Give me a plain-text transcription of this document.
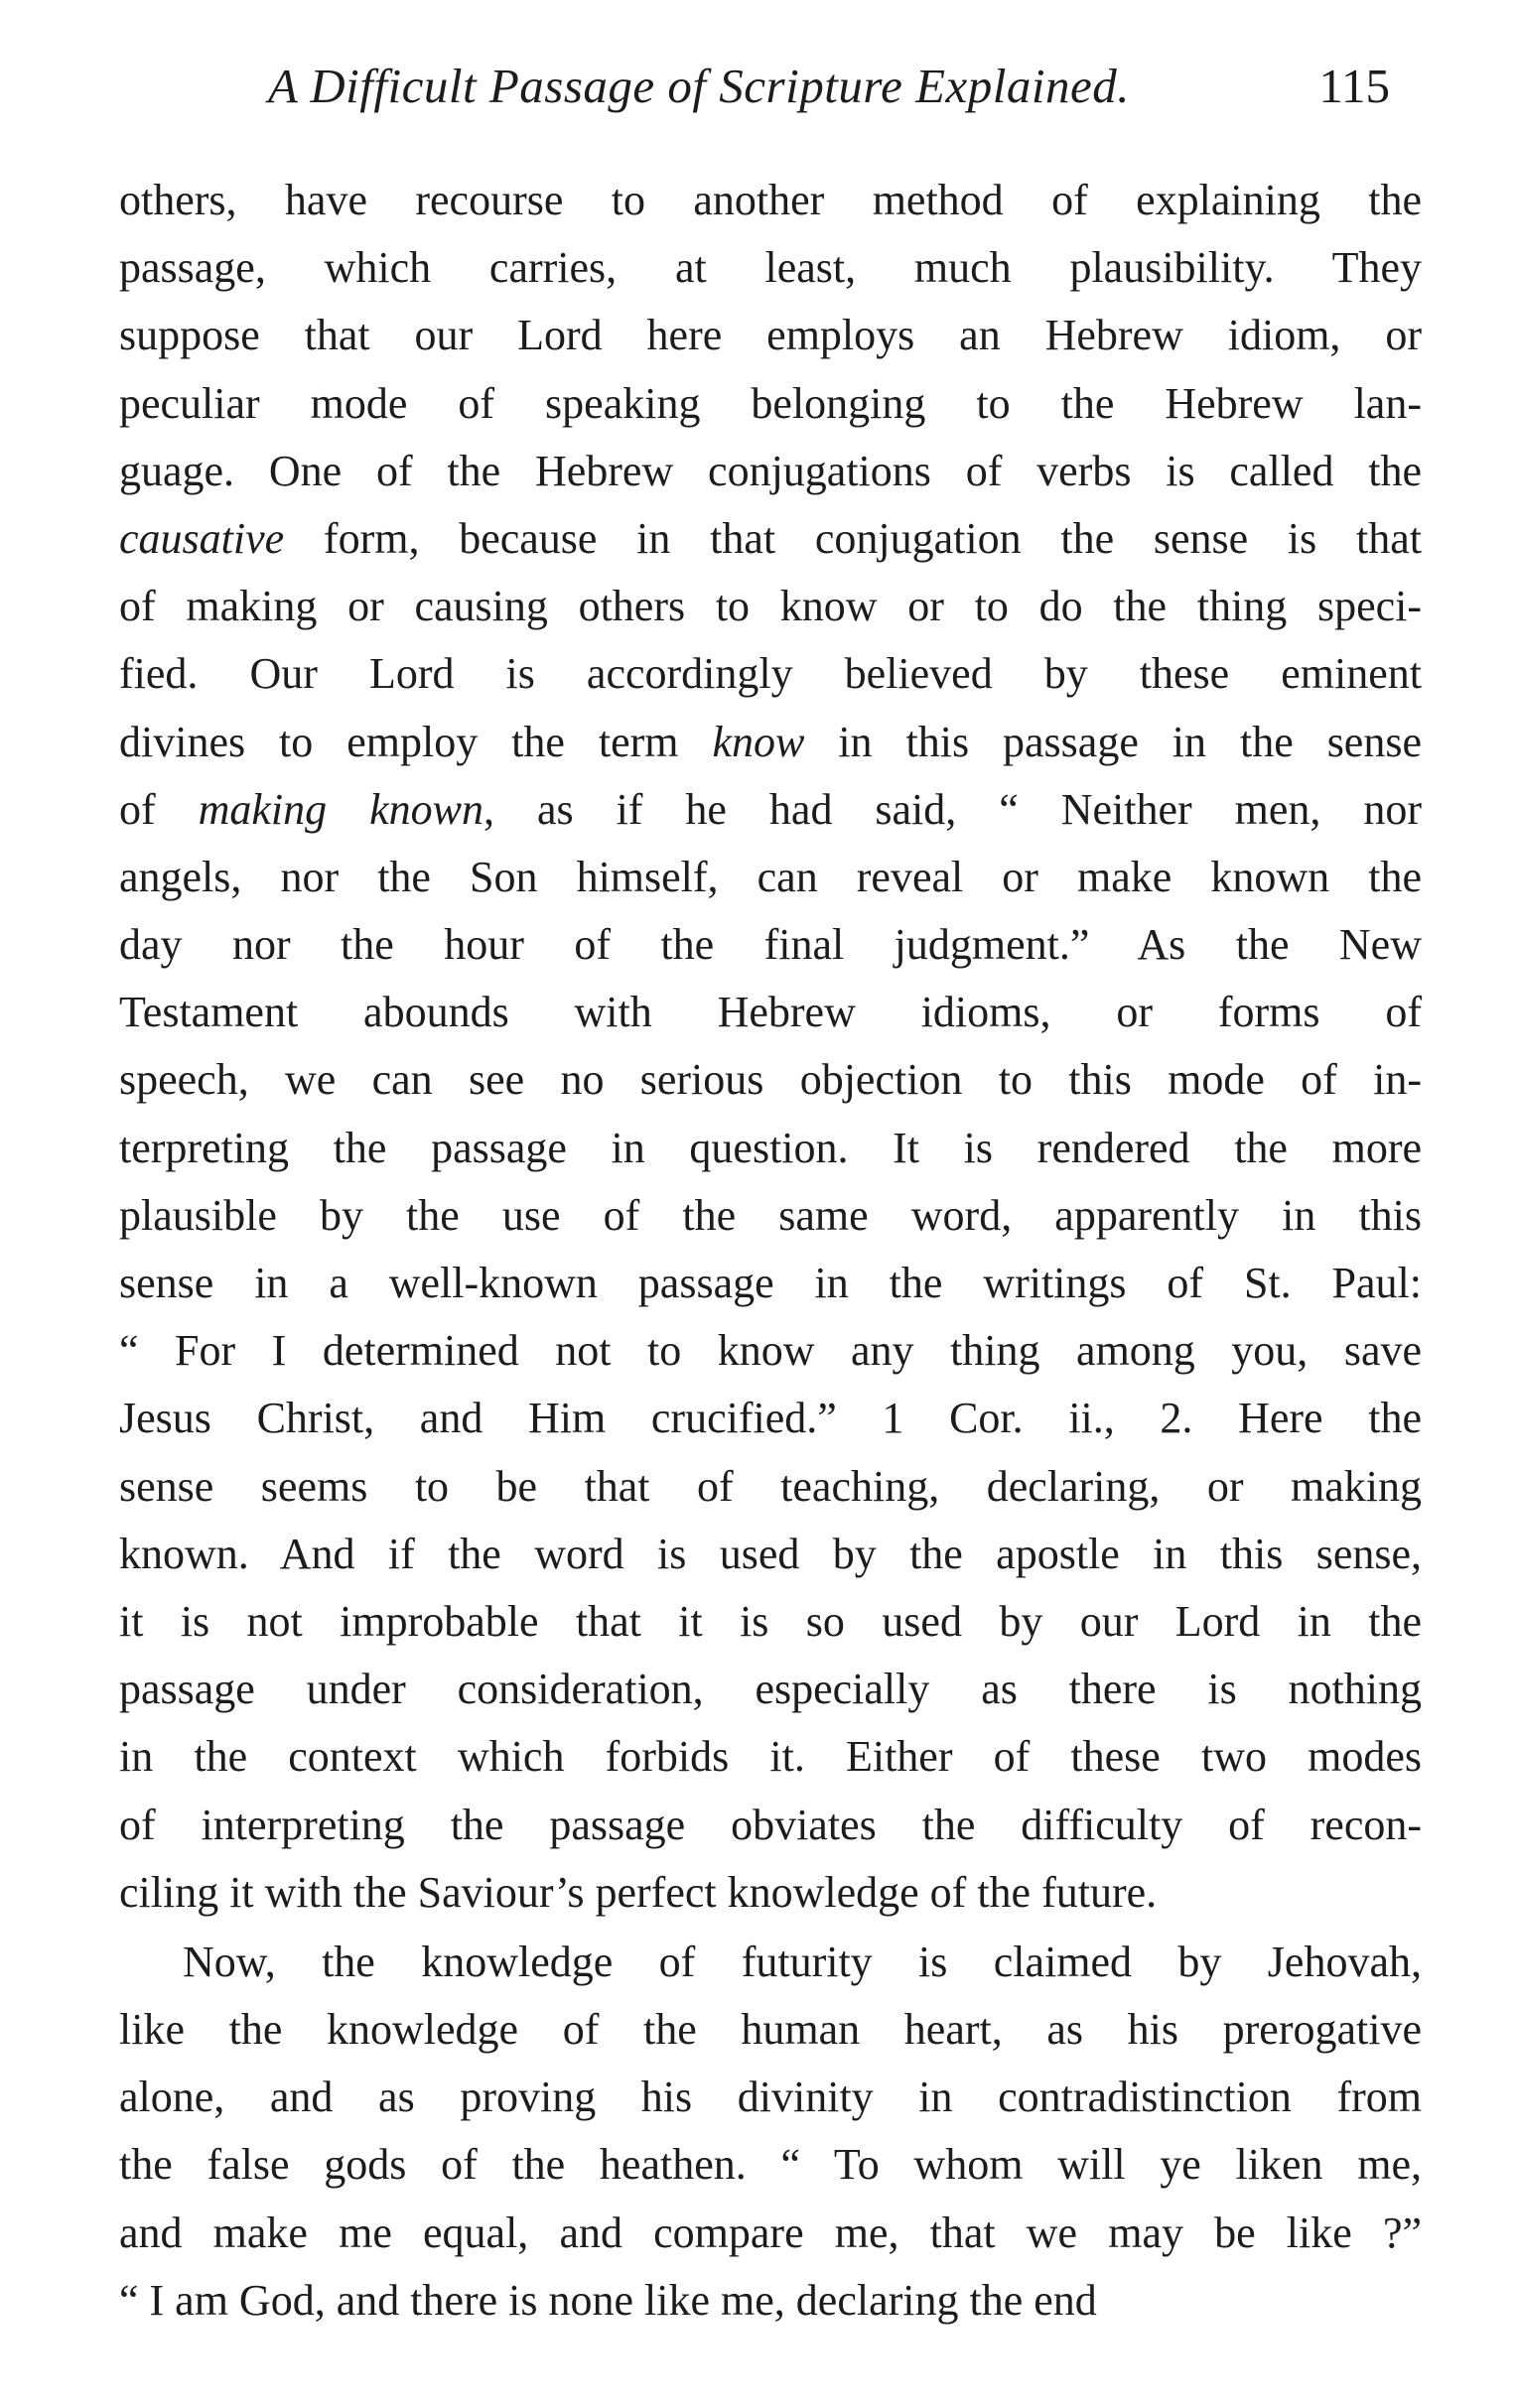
A Difficult Passage of Scripture Explained.	115
others, have recourse to another method of explaining the
passage, which carries, at least, much plausibility. They
suppose that our Lord here employs an Hebrew idiom, or
peculiar mode of speaking belonging to the Hebrew lan-
guage. One of the Hebrew conjugations of verbs is called the
causative form, because in that conjugation the sense is that
of making or causing others to know or to do the thing speci-
fied. Our Lord is accordingly believed by these eminent
divines to employ the term know in this passage in the sense
of making known, as if he had said, “ Neither men, nor
angels, nor the Son himself, can reveal or make known the
day nor the hour of the final judgment.” As the New
Testament abounds with Hebrew idioms, or forms of
speech, we can see no serious objection to this mode of in-
terpreting the passage in question. It is rendered the more
plausible by the use of the same word, apparently in this
sense in a well-known passage in the writings of St. Paul:
“ For I determined not to know any thing among you, save
Jesus Christ, and Him crucified.” 1 Cor. ii., 2. Here the
sense seems to be that of teaching, declaring, or making
known. And if the word is used by the apostle in this sense,
it is not improbable that it is so used by our Lord in the
passage under consideration, especially as there is nothing
in the context which forbids it. Either of these two modes
of interpreting the passage obviates the difficulty of recon-
ciling it with the Saviour’s perfect knowledge of the future.
Now, the knowledge of futurity is claimed by Jehovah,
like the knowledge of the human heart, as his prerogative
alone, and as proving his divinity in contradistinction from
the false gods of the heathen. “ To whom will ye liken me,
and make me equal, and compare me, that we may be like ?”
“ I am God, and there is none like me, declaring the end
